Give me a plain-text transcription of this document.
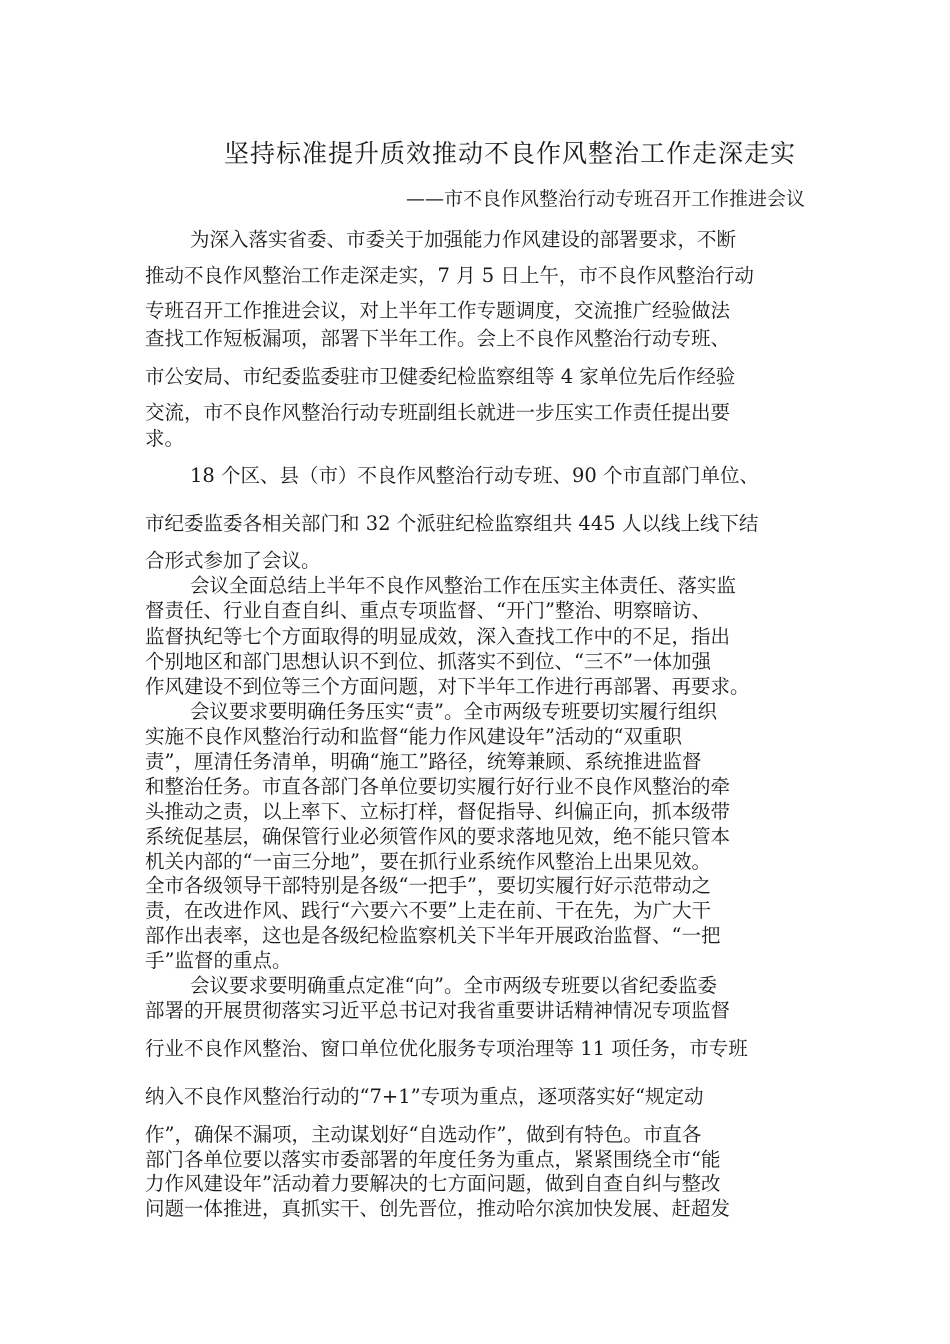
坚持标准提升质效推动不良作风整治工作走深走实
——市不良作风整治行动专班召开工作推进会议
为深入落实省委、市委关于加强能力作风建设的部署要求，不断
推动不良作风整治工作走深走实，7 月 5 日上午，市不良作风整治行动
专班召开工作推进会议，对上半年工作专题调度，交流推广经验做法
查找工作短板漏项，部署下半年工作。会上不良作风整治行动专班、
市公安局、市纪委监委驻市卫健委纪检监察组等 4 家单位先后作经验
交流，市不良作风整治行动专班副组长就进一步压实工作责任提出要
求。
18 个区、县（市）不良作风整治行动专班、90 个市直部门单位、
市纪委监委各相关部门和 32 个派驻纪检监察组共 445 人以线上线下结
合形式参加了会议。
会议全面总结上半年不良作风整治工作在压实主体责任、落实监
督责任、行业自查自纠、重点专项监督、“开门”整治、明察暗访、
监督执纪等七个方面取得的明显成效，深入查找工作中的不足，指出
个别地区和部门思想认识不到位、抓落实不到位、“三不”一体加强
作风建设不到位等三个方面问题，对下半年工作进行再部署、再要求。
会议要求要明确任务压实“责”。全市两级专班要切实履行组织
实施不良作风整治行动和监督“能力作风建设年”活动的“双重职
责”，厘清任务清单，明确“施工”路径，统筹兼顾、系统推进监督
和整治任务。市直各部门各单位要切实履行好行业不良作风整治的牵
头推动之责，以上率下、立标打样，督促指导、纠偏正向，抓本级带
系统促基层，确保管行业必须管作风的要求落地见效，绝不能只管本
机关内部的“一亩三分地”，要在抓行业系统作风整治上出果见效。
全市各级领导干部特别是各级“一把手”，要切实履行好示范带动之
责，在改进作风、践行“六要六不要”上走在前、干在先，为广大干
部作出表率，这也是各级纪检监察机关下半年开展政治监督、“一把
手”监督的重点。
会议要求要明确重点定准“向”。全市两级专班要以省纪委监委
部署的开展贯彻落实习近平总书记对我省重要讲话精神情况专项监督
行业不良作风整治、窗口单位优化服务专项治理等 11 项任务，市专班
纳入不良作风整治行动的“7+1”专项为重点，逐项落实好“规定动
作”，确保不漏项，主动谋划好“自选动作”，做到有特色。市直各
部门各单位要以落实市委部署的年度任务为重点，紧紧围绕全市“能
力作风建设年”活动着力要解决的七方面问题，做到自查自纠与整改
问题一体推进，真抓实干、创先晋位，推动哈尔滨加快发展、赶超发
